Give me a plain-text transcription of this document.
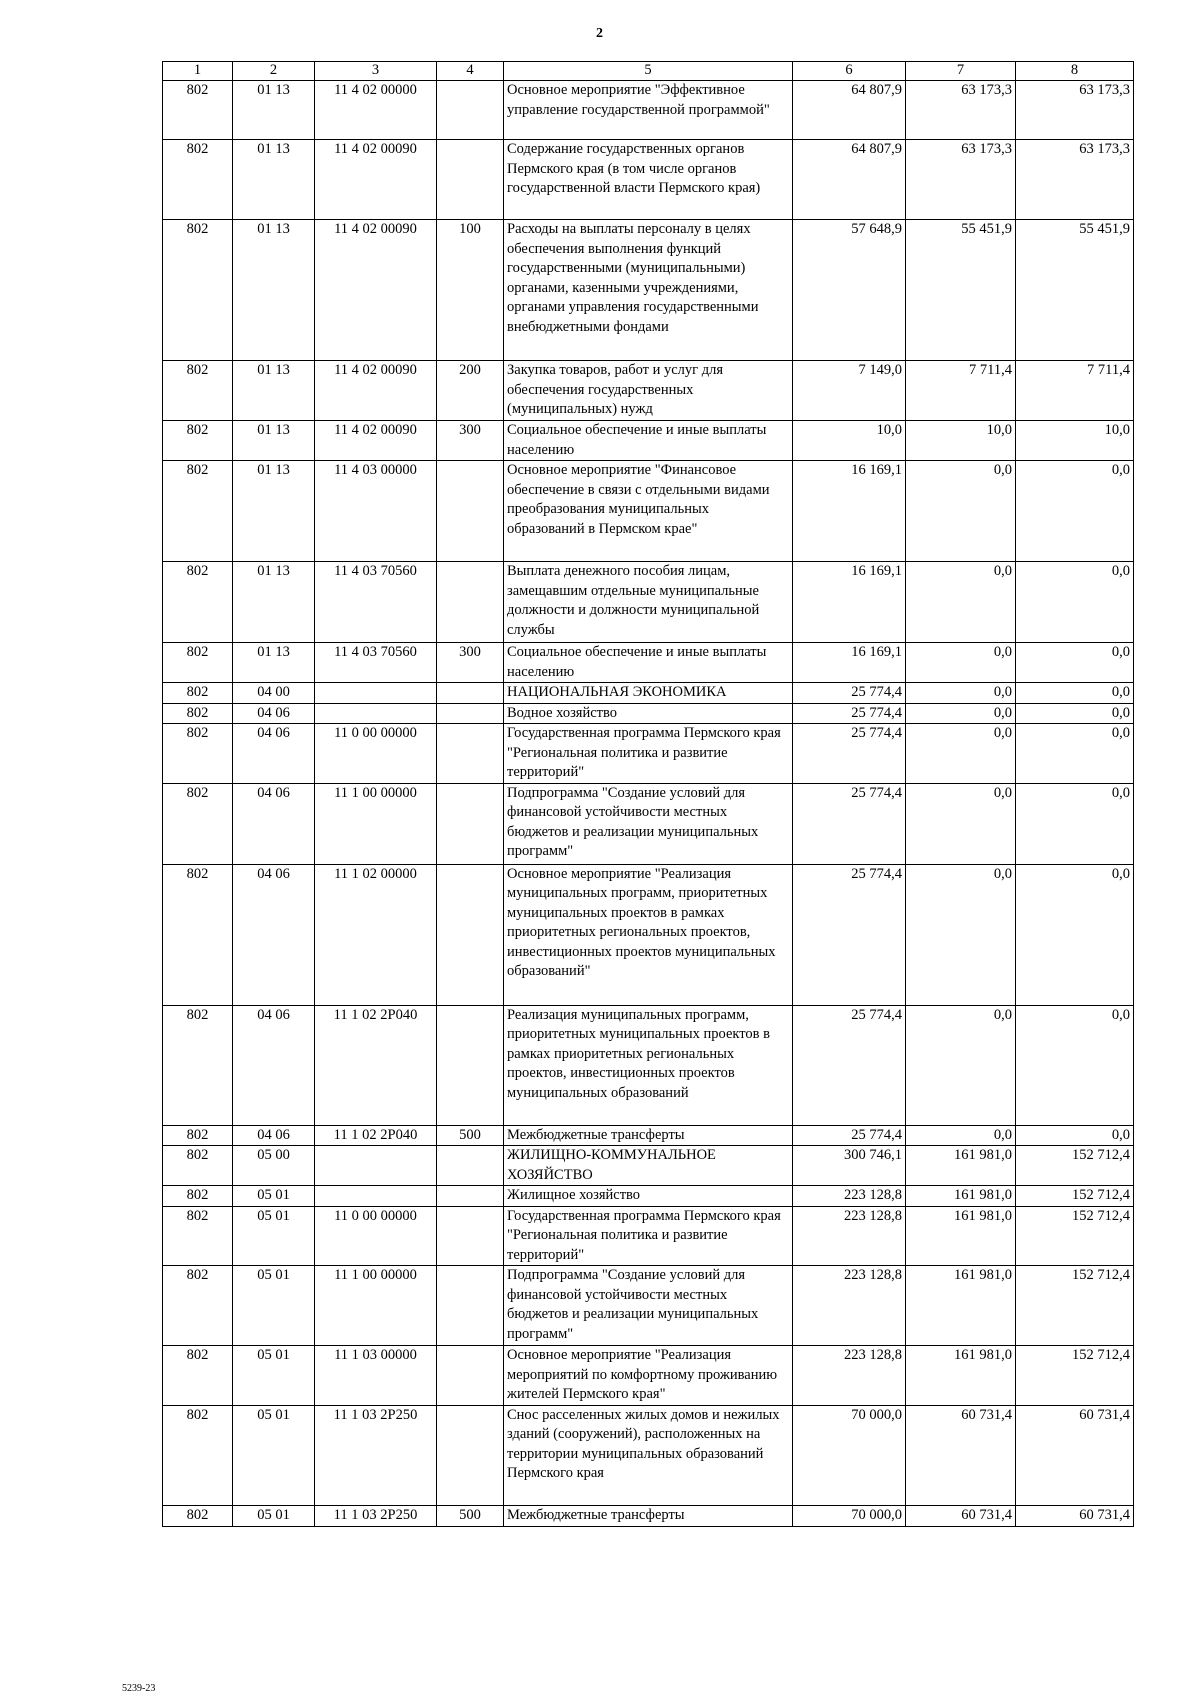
2
1	2	3	4	5	6	7	8
802	01 13	11 4 02 00000		Основное мероприятие "Эффективное управление государственной программой"	64 807,9	63 173,3	63 173,3
802	01 13	11 4 02 00090		Содержание государственных органов Пермского края (в том числе органов государственной власти Пермского края)	64 807,9	63 173,3	63 173,3
802	01 13	11 4 02 00090	100	Расходы на выплаты персоналу в целях обеспечения выполнения функций государственными (муниципальными) органами, казенными учреждениями, органами управления государственными внебюджетными фондами	57 648,9	55 451,9	55 451,9
802	01 13	11 4 02 00090	200	Закупка товаров, работ и услуг для обеспечения государственных (муниципальных) нужд	7 149,0	7 711,4	7 711,4
802	01 13	11 4 02 00090	300	Социальное обеспечение и иные выплаты населению	10,0	10,0	10,0
802	01 13	11 4 03 00000		Основное мероприятие "Финансовое обеспечение в связи с отдельными видами преобразования муниципальных образований в Пермском крае"	16 169,1	0,0	0,0
802	01 13	11 4 03 70560		Выплата денежного пособия лицам, замещавшим отдельные муниципальные должности и должности муниципальной службы	16 169,1	0,0	0,0
802	01 13	11 4 03 70560	300	Социальное обеспечение и иные выплаты населению	16 169,1	0,0	0,0
802	04 00			НАЦИОНАЛЬНАЯ ЭКОНОМИКА	25 774,4	0,0	0,0
802	04 06			Водное хозяйство	25 774,4	0,0	0,0
802	04 06	11 0 00 00000		Государственная программа Пермского края "Региональная политика и развитие территорий"	25 774,4	0,0	0,0
802	04 06	11 1 00 00000		Подпрограмма "Создание условий для финансовой устойчивости местных бюджетов и реализации муниципальных программ"	25 774,4	0,0	0,0
802	04 06	11 1 02 00000		Основное мероприятие "Реализация муниципальных программ, приоритетных муниципальных проектов в рамках приоритетных региональных проектов, инвестиционных проектов муниципальных образований"	25 774,4	0,0	0,0
802	04 06	11 1 02 2Р040		Реализация муниципальных программ, приоритетных муниципальных проектов в рамках приоритетных региональных проектов, инвестиционных проектов муниципальных образований	25 774,4	0,0	0,0
802	04 06	11 1 02 2Р040	500	Межбюджетные трансферты	25 774,4	0,0	0,0
802	05 00			ЖИЛИЩНО-КОММУНАЛЬНОЕ ХОЗЯЙСТВО	300 746,1	161 981,0	152 712,4
802	05 01			Жилищное хозяйство	223 128,8	161 981,0	152 712,4
802	05 01	11 0 00 00000		Государственная программа Пермского края "Региональная политика и развитие территорий"	223 128,8	161 981,0	152 712,4
802	05 01	11 1 00 00000		Подпрограмма "Создание условий для финансовой устойчивости местных бюджетов и реализации муниципальных программ"	223 128,8	161 981,0	152 712,4
802	05 01	11 1 03 00000		Основное мероприятие "Реализация мероприятий по комфортному проживанию жителей Пермского края"	223 128,8	161 981,0	152 712,4
802	05 01	11 1 03 2Р250		Снос расселенных жилых домов и нежилых зданий (сооружений), расположенных на территории муниципальных образований Пермского края	70 000,0	60 731,4	60 731,4
802	05 01	11 1 03 2Р250	500	Межбюджетные трансферты	70 000,0	60 731,4	60 731,4
5239-23
